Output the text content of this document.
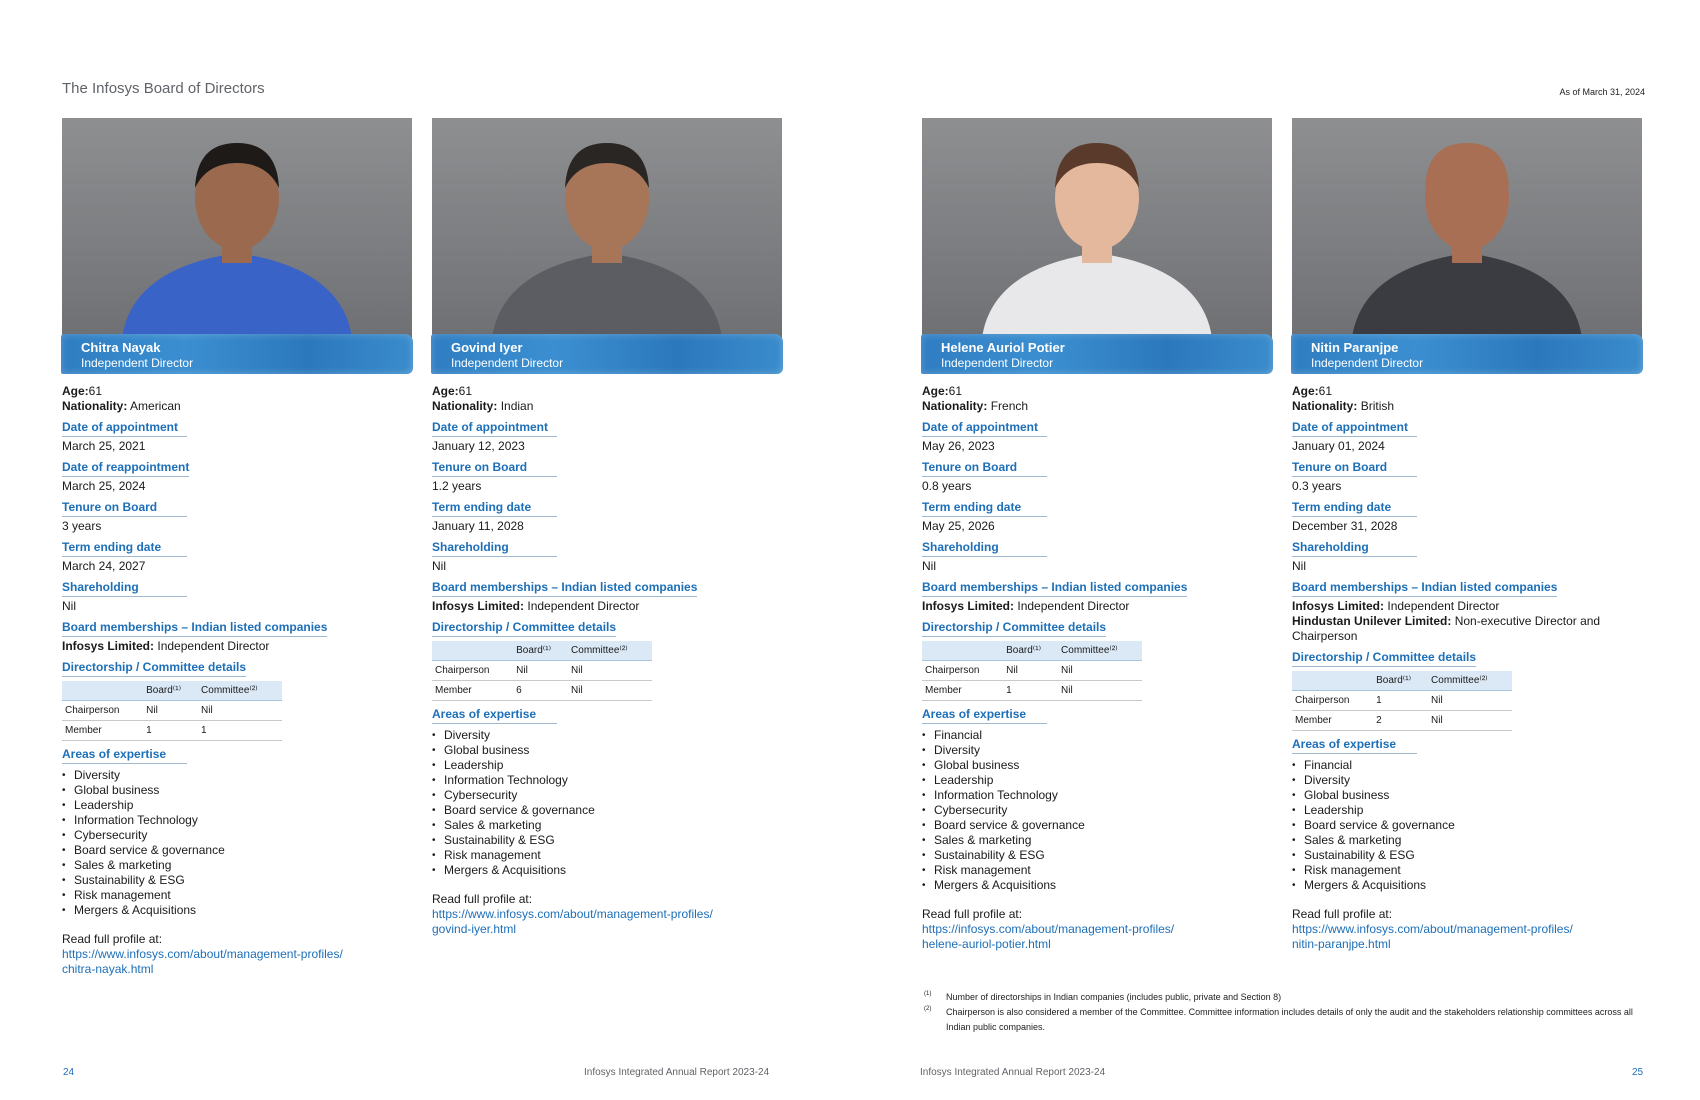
The Infosys Board of Directors	As of March 31, 2024
Chitra Nayak
Independent Director
Age:61
Nationality: American
Date of appointment
March 25, 2021
Date of reappointment
March 25, 2024
Tenure on Board
3 years
Term ending date
March 24, 2027
Shareholding
Nil
Board memberships – Indian listed companies
Infosys Limited: Independent Director
Directorship / Committee details
	Board⁽¹⁾	Committee⁽²⁾
Chairperson	Nil	Nil
Member	1	1
Areas of expertise
• Diversity
• Global business
• Leadership
• Information Technology
• Cybersecurity
• Board service & governance
• Sales & marketing
• Sustainability & ESG
• Risk management
• Mergers & Acquisitions
Read full profile at:
https://www.infosys.com/about/management-profiles/
chitra-nayak.html
Govind Iyer
Independent Director
Age:61
Nationality: Indian
Date of appointment
January 12, 2023
Tenure on Board
1.2 years
Term ending date
January 11, 2028
Shareholding
Nil
Board memberships – Indian listed companies
Infosys Limited: Independent Director
Directorship / Committee details
	Board⁽¹⁾	Committee⁽²⁾
Chairperson	Nil	Nil
Member	6	Nil
Areas of expertise
• Diversity
• Global business
• Leadership
• Information Technology
• Cybersecurity
• Board service & governance
• Sales & marketing
• Sustainability & ESG
• Risk management
• Mergers & Acquisitions
Read full profile at:
https://www.infosys.com/about/management-profiles/
govind-iyer.html
Helene Auriol Potier
Independent Director
Age:61
Nationality: French
Date of appointment
May 26, 2023
Tenure on Board
0.8 years
Term ending date
May 25, 2026
Shareholding
Nil
Board memberships – Indian listed companies
Infosys Limited: Independent Director
Directorship / Committee details
	Board⁽¹⁾	Committee⁽²⁾
Chairperson	Nil	Nil
Member	1	Nil
Areas of expertise
• Financial
• Diversity
• Global business
• Leadership
• Information Technology
• Cybersecurity
• Board service & governance
• Sales & marketing
• Sustainability & ESG
• Risk management
• Mergers & Acquisitions
Read full profile at:
https://infosys.com/about/management-profiles/
helene-auriol-potier.html
Nitin Paranjpe
Independent Director
Age:61
Nationality: British
Date of appointment
January 01, 2024
Tenure on Board
0.3 years
Term ending date
December 31, 2028
Shareholding
Nil
Board memberships – Indian listed companies
Infosys Limited: Independent Director
Hindustan Unilever Limited: Non-executive Director and Chairperson
Directorship / Committee details
	Board⁽¹⁾	Committee⁽²⁾
Chairperson	1	Nil
Member	2	Nil
Areas of expertise
• Financial
• Diversity
• Global business
• Leadership
• Board service & governance
• Sales & marketing
• Sustainability & ESG
• Risk management
• Mergers & Acquisitions
Read full profile at:
https://www.infosys.com/about/management-profiles/
nitin-paranjpe.html
(1) Number of directorships in Indian companies (includes public, private and Section 8)
(2) Chairperson is also considered a member of the Committee. Committee information includes details of only the audit and the stakeholders relationship committees across all Indian public companies.
24	Infosys Integrated Annual Report 2023-24	Infosys Integrated Annual Report 2023-24	25
